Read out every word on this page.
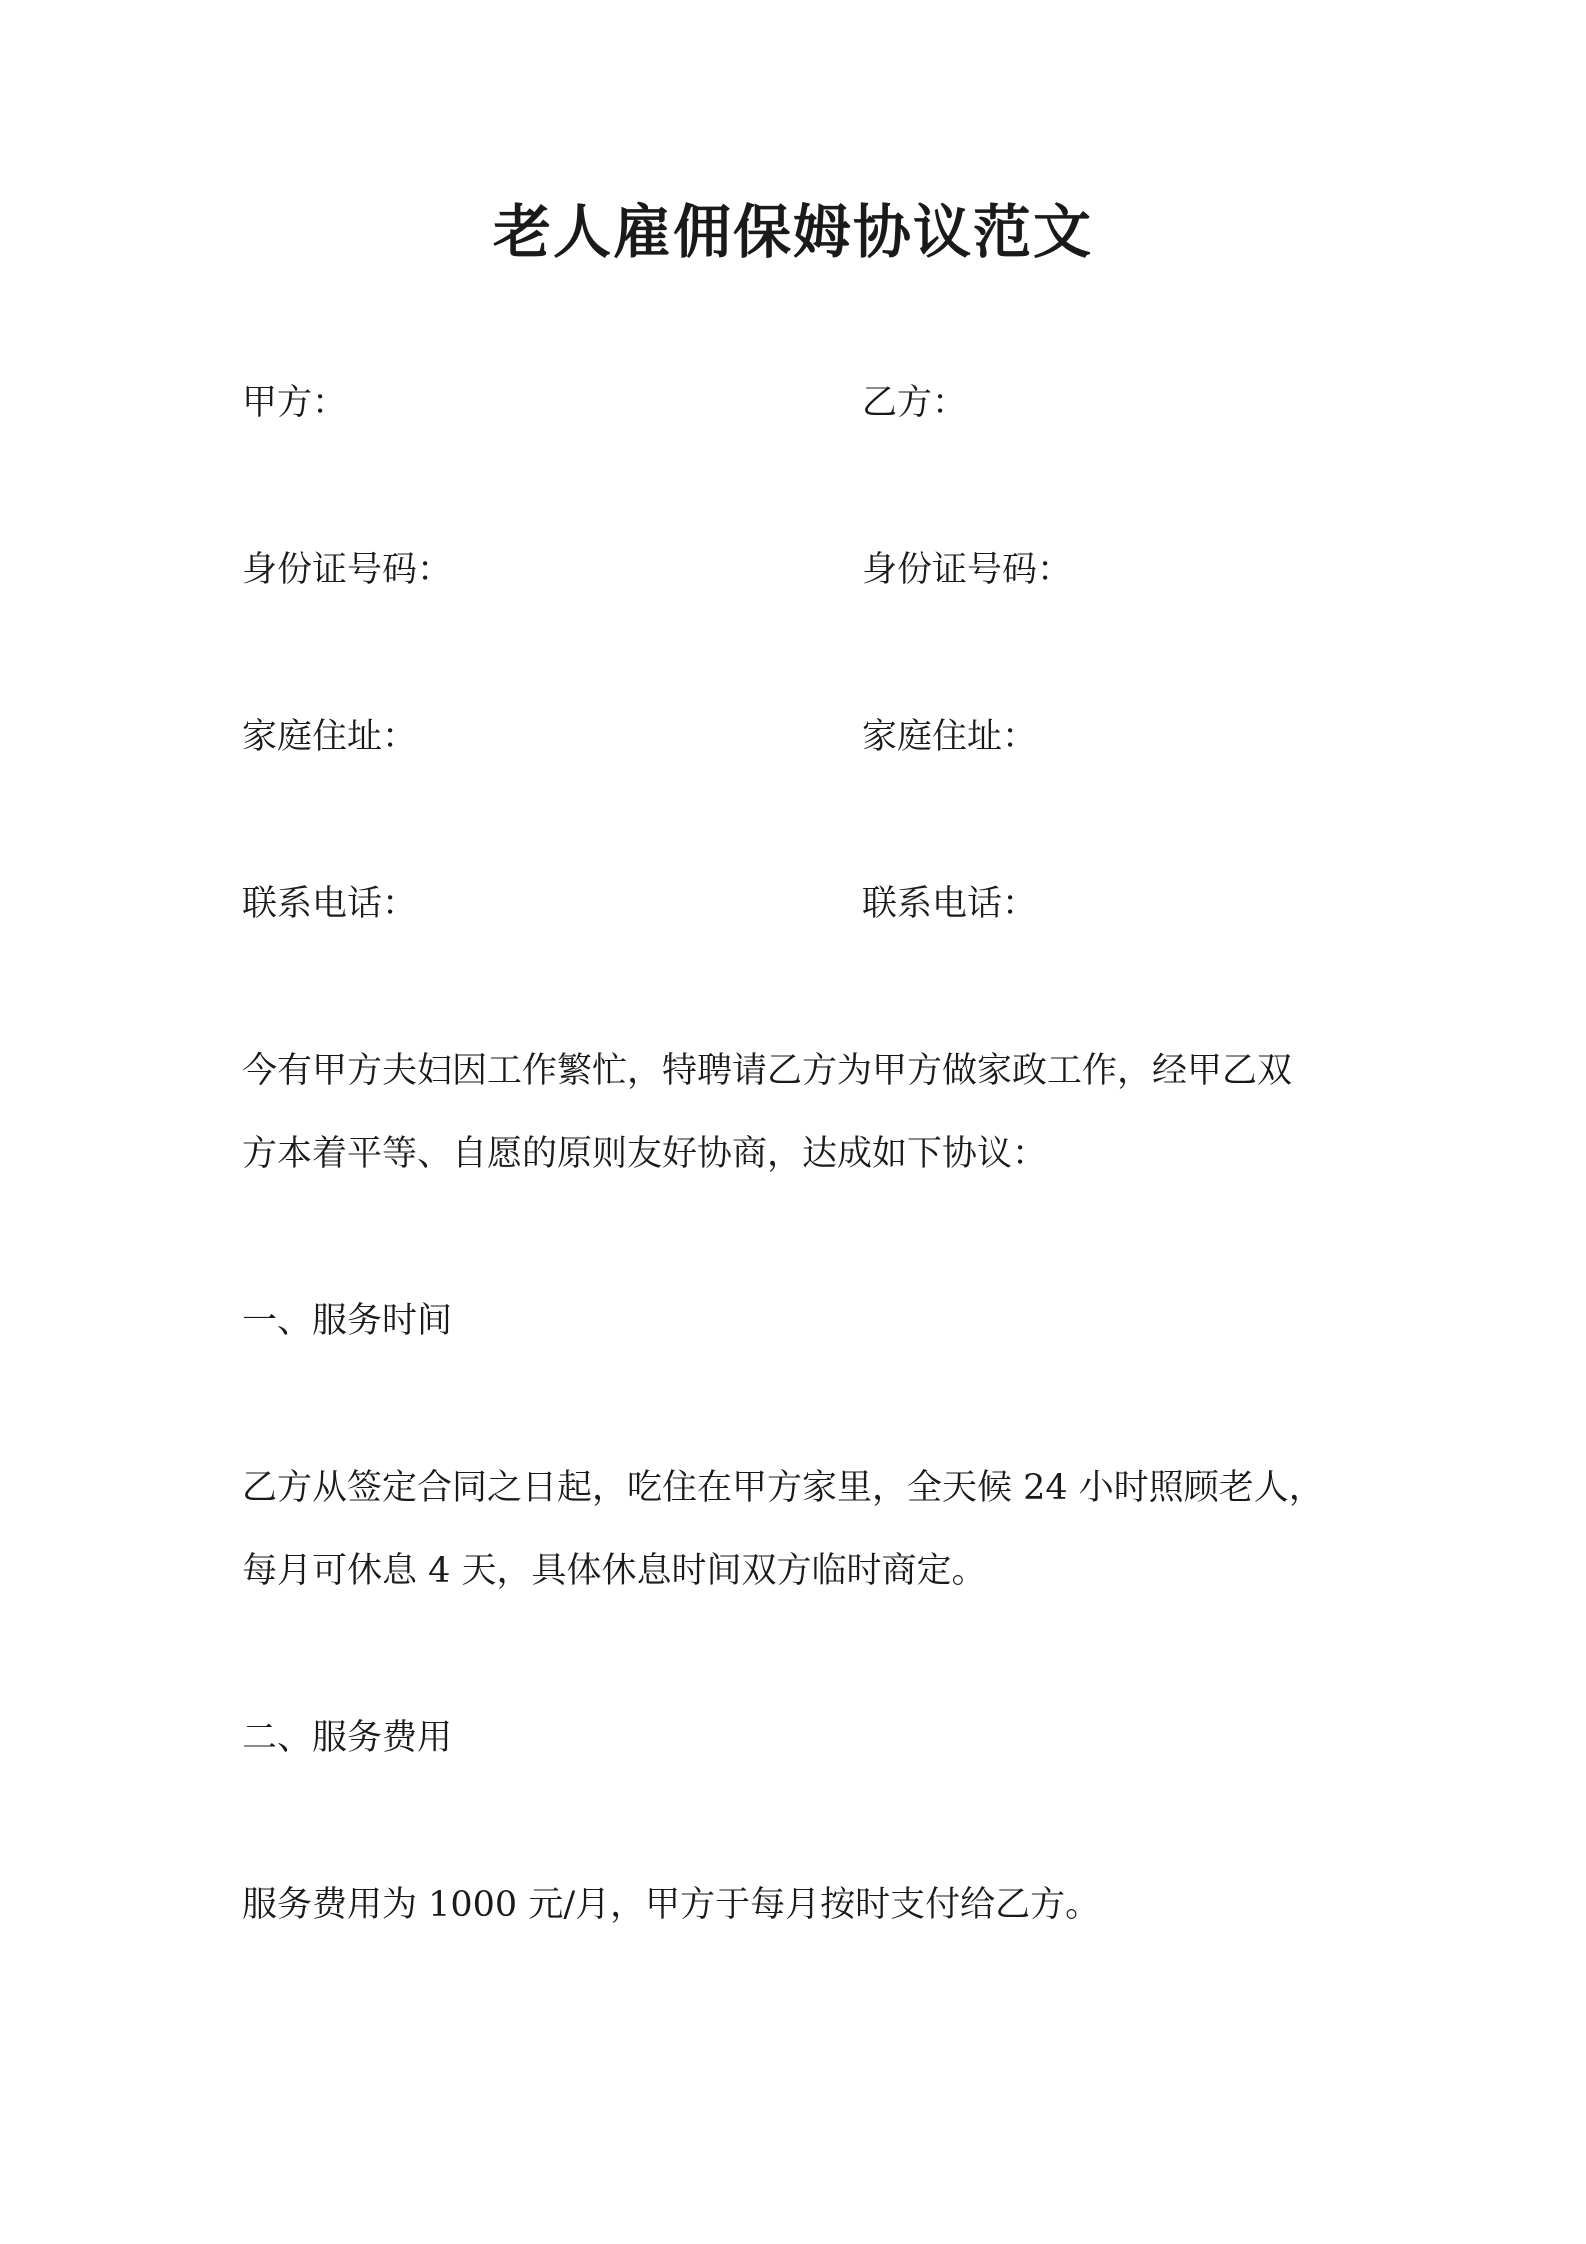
老人雇佣保姆协议范文
甲方：
身份证号码：
家庭住址：
联系电话：
乙方：
身份证号码：
家庭住址：
联系电话：
今有甲方夫妇因工作繁忙，特聘请乙方为甲方做家政工作，经甲乙双
方本着平等、自愿的原则友好协商，达成如下协议：
一、服务时间
乙方从签定合同之日起，吃住在甲方家里，全天候 24 小时照顾老人，
每月可休息 4 天，具体休息时间双方临时商定。
二、服务费用
服务费用为 1000 元/月，甲方于每月按时支付给乙方。
